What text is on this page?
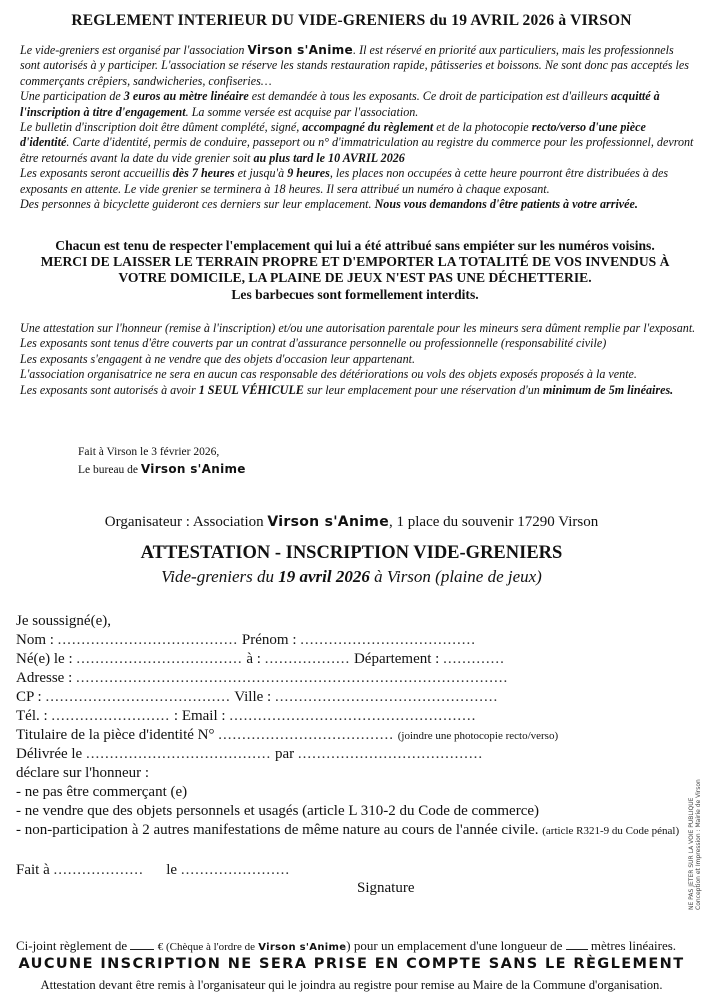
REGLEMENT INTERIEUR DU VIDE-GRENIERS du 19 AVRIL 2026 à VIRSON
Le vide-greniers est organisé par l'association Virson s'Anime. Il est réservé en priorité aux particuliers, mais les professionnels sont autorisés à y participer. L'association se réserve les stands restauration rapide, pâtisseries et boissons. Ne sont donc pas acceptés les commerçants crêpiers, sandwicheries, confiseries…
Une participation de 3 euros au mètre linéaire est demandée à tous les exposants. Ce droit de participation est d'ailleurs acquitté à l'inscription à titre d'engagement. La somme versée est acquise par l'association.
Le bulletin d'inscription doit être dûment complété, signé, accompagné du règlement et de la photocopie recto/verso d'une pièce d'identité. Carte d'identité, permis de conduire, passeport ou n° d'immatriculation au registre du commerce pour les professionnel, devront être retournés avant la date du vide grenier soit au plus tard le 10 AVRIL 2026
Les exposants seront accueillis dès 7 heures et jusqu'à 9 heures, les places non occupées à cette heure pourront être distribuées à des exposants en attente. Le vide grenier se terminera à 18 heures. Il sera attribué un numéro à chaque exposant.
Des personnes à bicyclette guideront ces derniers sur leur emplacement. Nous vous demandons d'être patients à votre arrivée.
Chacun est tenu de respecter l'emplacement qui lui a été attribué sans empiéter sur les numéros voisins.
MERCI DE LAISSER LE TERRAIN PROPRE ET D'EMPORTER LA TOTALITÉ DE VOS INVENDUS À VOTRE DOMICILE, LA PLAINE DE JEUX N'EST PAS UNE DÉCHETTERIE.
Les barbecues sont formellement interdits.
Une attestation sur l'honneur (remise à l'inscription) et/ou une autorisation parentale pour les mineurs sera dûment remplie par l'exposant.
Les exposants sont tenus d'être couverts par un contrat d'assurance personnelle ou professionnelle (responsabilité civile)
Les exposants s'engagent à ne vendre que des objets d'occasion leur appartenant.
L'association organisatrice ne sera en aucun cas responsable des détériorations ou vols des objets exposés proposés à la vente.
Les exposants sont autorisés à avoir 1 SEUL VÉHICULE sur leur emplacement pour une réservation d'un minimum de 5m linéaires.
Fait à Virson le 3 février 2026,
Le bureau de Virson s'Anime
Organisateur : Association Virson s'Anime, 1 place du souvenir 17290 Virson
ATTESTATION - INSCRIPTION VIDE-GRENIERS
Vide-greniers du 19 avril 2026 à Virson (plaine de jeux)
Je soussigné(e),
Nom : ...................................... Prénom : .....................................
Né(e) le : ................................... à : .................. Département : .............
Adresse : ...........................................................................................
CP : ....................................... Ville : ...............................................
Tél. : ......................... : Email : ....................................................
Titulaire de la pièce d'identité N° ..................................... (joindre une photocopie recto/verso)
Délivrée le ....................................... par .......................................
déclare sur l'honneur :
- ne pas être commerçant (e)
- ne vendre que des objets personnels et usagés (article L 310-2 du Code de commerce)
- non-participation à 2 autres manifestations de même nature au cours de l'année civile. (article R321-9 du Code pénal)
Fait à ................... le .......................
Signature	NE PAS JETER SUR LA VOIE PUBLIQUE Conception et Impression : Mairie de Virson
Ci-joint règlement de	€ (Chèque à l'ordre de Virson s'Anime) pour un emplacement d'une longueur de mètres linéaires.
AUCUNE INSCRIPTION NE SERA PRISE EN COMPTE SANS LE RÈGLEMENT
Attestation devant être remis à l'organisateur qui le joindra au registre pour remise au Maire de la Commune d'organisation.
